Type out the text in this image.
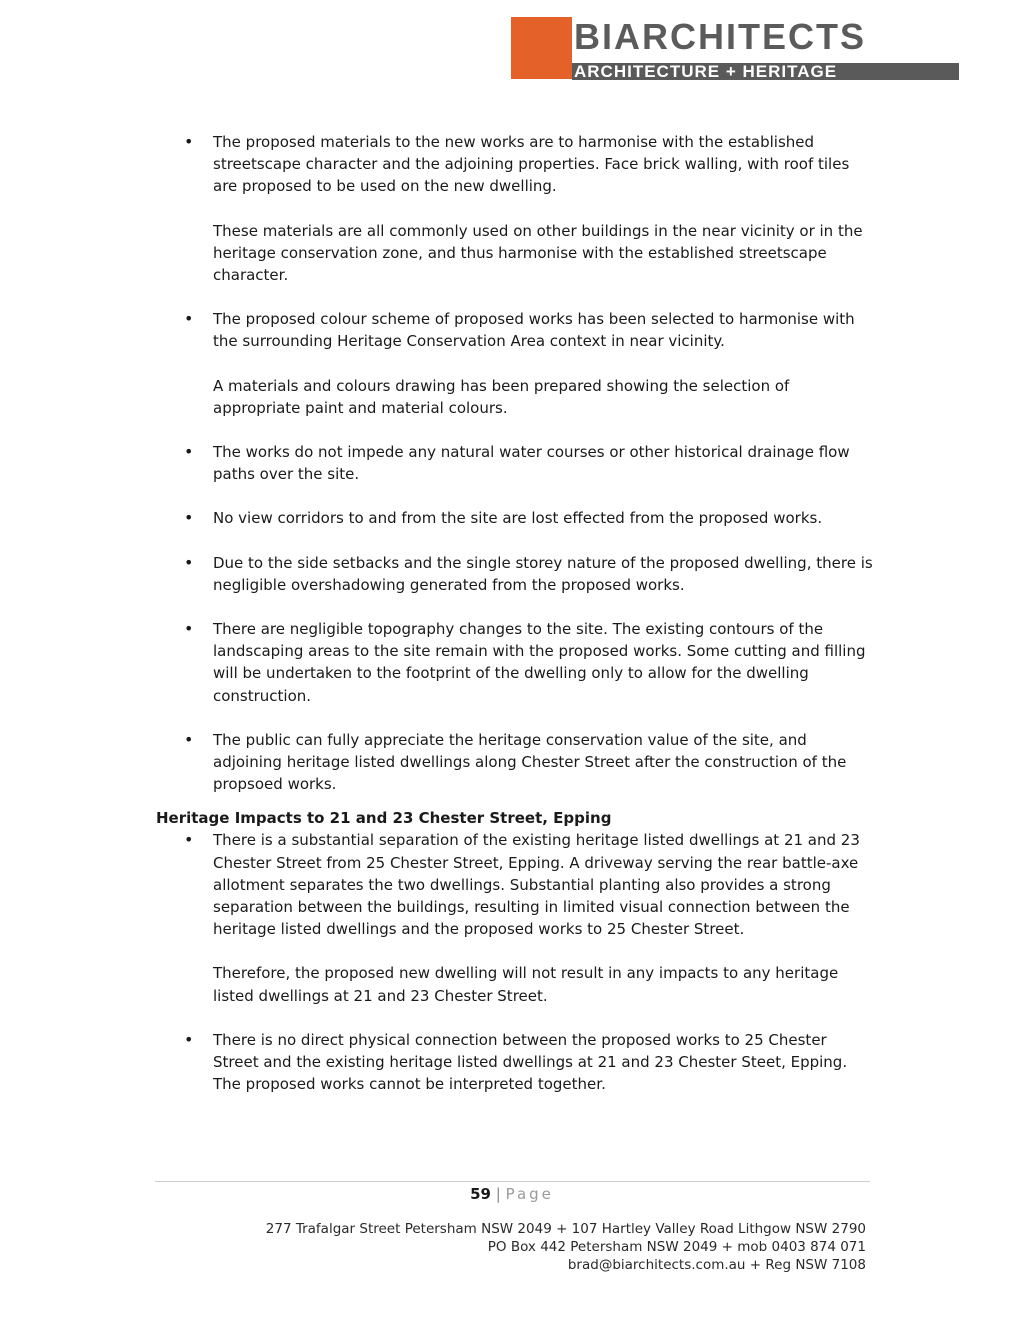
BIARCHITECTS
ARCHITECTURE + HERITAGE
• The proposed materials to the new works are to harmonise with the established streetscape character and the adjoining properties. Face brick walling, with roof tiles are proposed to be used on the new dwelling.

These materials are all commonly used on other buildings in the near vicinity or in the heritage conservation zone, and thus harmonise with the established streetscape character.

• The proposed colour scheme of proposed works has been selected to harmonise with the surrounding Heritage Conservation Area context in near vicinity.

A materials and colours drawing has been prepared showing the selection of appropriate paint and material colours.

• The works do not impede any natural water courses or other historical drainage flow paths over the site.

• No view corridors to and from the site are lost effected from the proposed works.

• Due to the side setbacks and the single storey nature of the proposed dwelling, there is negligible overshadowing generated from the proposed works.

• There are negligible topography changes to the site. The existing contours of the landscaping areas to the site remain with the proposed works. Some cutting and filling will be undertaken to the footprint of the dwelling only to allow for the dwelling construction.

• The public can fully appreciate the heritage conservation value of the site, and adjoining heritage listed dwellings along Chester Street after the construction of the propsoed works.

Heritage Impacts to 21 and 23 Chester Street, Epping
• There is a substantial separation of the existing heritage listed dwellings at 21 and 23 Chester Street from 25 Chester Street, Epping. A driveway serving the rear battle-axe allotment separates the two dwellings. Substantial planting also provides a strong separation between the buildings, resulting in limited visual connection between the heritage listed dwellings and the proposed works to 25 Chester Street.

Therefore, the proposed new dwelling will not result in any impacts to any heritage listed dwellings at 21 and 23 Chester Street.

• There is no direct physical connection between the proposed works to 25 Chester Street and the existing heritage listed dwellings at 21 and 23 Chester Steet, Epping. The proposed works cannot be interpreted together.

59 | Page
277 Trafalgar Street Petersham NSW 2049 + 107 Hartley Valley Road Lithgow NSW 2790
PO Box 442 Petersham NSW 2049 + mob 0403 874 071
brad@biarchitects.com.au + Reg NSW 7108
